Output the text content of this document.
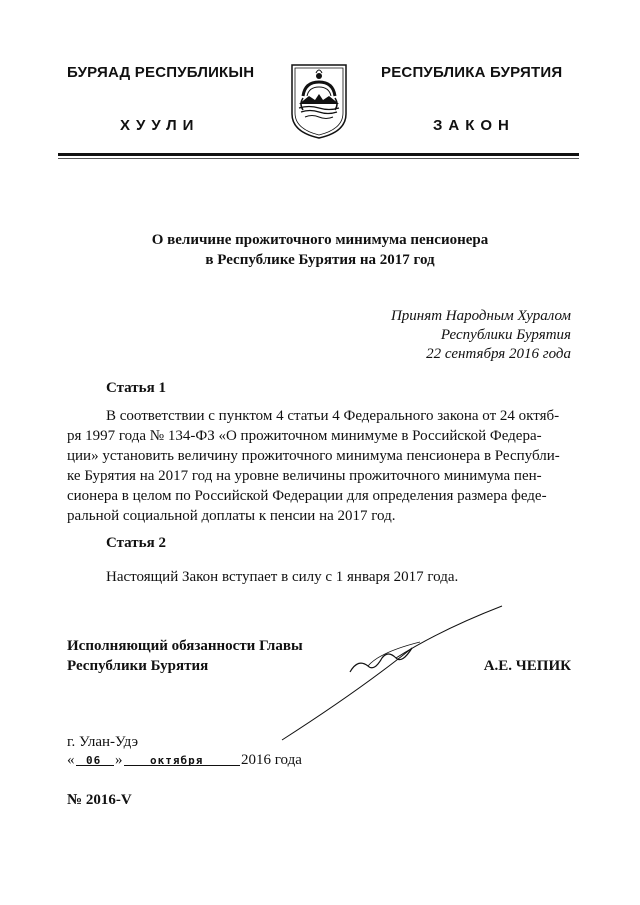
БУРЯАД РЕСПУБЛИКЫН
ХУУЛИ
РЕСПУБЛИКА БУРЯТИЯ
ЗАКОН
О величине прожиточного минимума пенсионера
в Республике Бурятия на 2017 год
Принят Народным Хуралом
Республики Бурятия
22 сентября 2016 года
Статья 1
В соответствии с пунктом 4 статьи 4 Федерального закона от 24 октяб-
ря 1997 года № 134-ФЗ «О прожиточном минимуме в Российской Федера-
ции» установить величину прожиточного минимума пенсионера в Республи-
ке Бурятия на 2017 год на уровне величины прожиточного минимума пен-
сионера в целом по Российской Федерации для определения размера феде-
ральной социальной доплаты к пенсии на 2017 год.
Статья 2
Настоящий Закон вступает в силу с 1 января 2017 года.
Исполняющий обязанности Главы
Республики Бурятия	А.Е. ЧЕПИК
г. Улан-Удэ
« 06 »	октября	2016 года
№ 2016-V
